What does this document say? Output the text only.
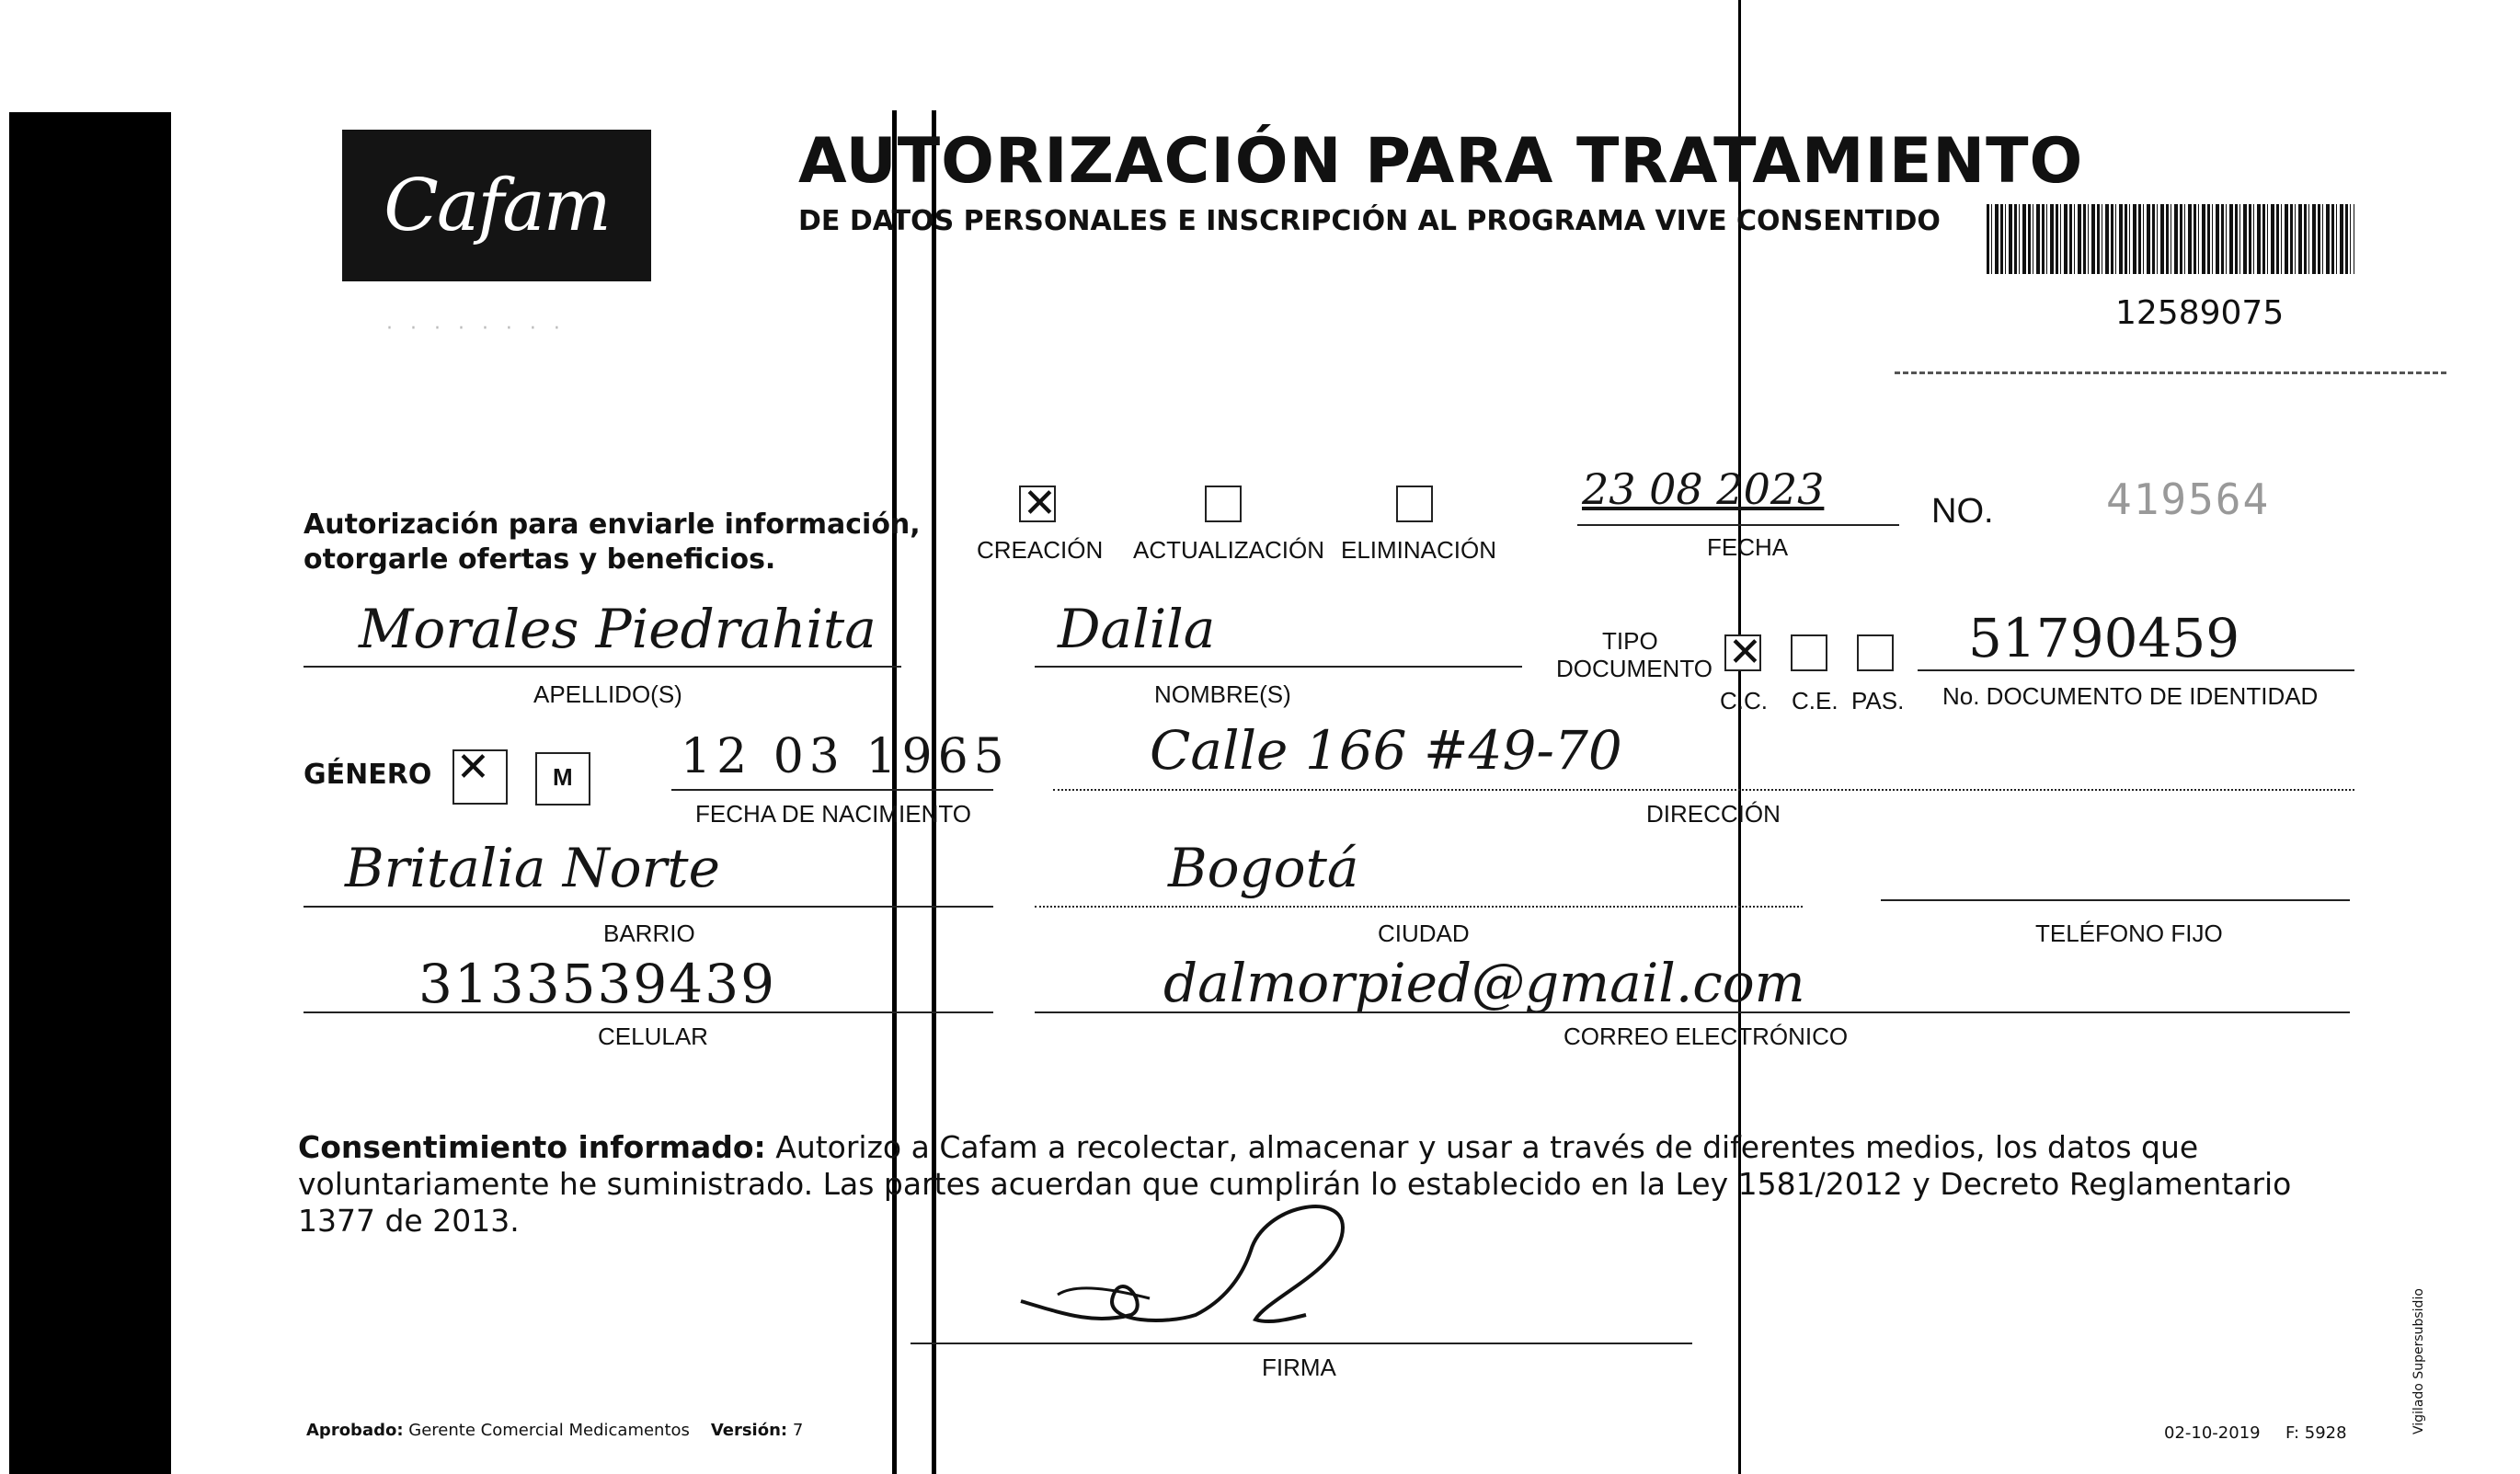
Cafam
· · · · · · · ·
AUTORIZACIÓN PARA TRATAMIENTO
DE DATOS PERSONALES E INSCRIPCIÓN AL PROGRAMA VIVE CONSENTIDO
12589075
Autorización para enviarle información,
otorgarle ofertas y beneficios.
✕	CREACIÓN ACTUALIZACIÓN ELIMINACIÓN
23 08 2023
FECHA
NO.	419564
Morales Piedrahita
APELLIDO(S)
Dalila
NOMBRE(S)
TIPO
DOCUMENTO
✕
C.C. C.E. PAS.
51790459
No. DOCUMENTO DE IDENTIDAD
GÉNERO
✕	M 12 03 1965
FECHA DE NACIMIENTO
Calle 166 #49-70
DIRECCIÓN
Britalia Norte
BARRIO
Bogotá
CIUDAD	TELÉFONO FIJO
3133539439
CELULAR
dalmorpied@gmail.com
CORREO ELECTRÓNICO
Consentimiento informado: Autorizo a Cafam a recolectar, almacenar y usar a través de diferentes medios, los datos que voluntariamente he suministrado. Las partes acuerdan que cumplirán lo establecido en la Ley 1581/2012 y Decreto Reglamentario 1377 de 2013.
FIRMA
Aprobado: Gerente Comercial Medicamentos Versión: 7	02-10-2019 F: 5928	Vigilado Supersubsidio
